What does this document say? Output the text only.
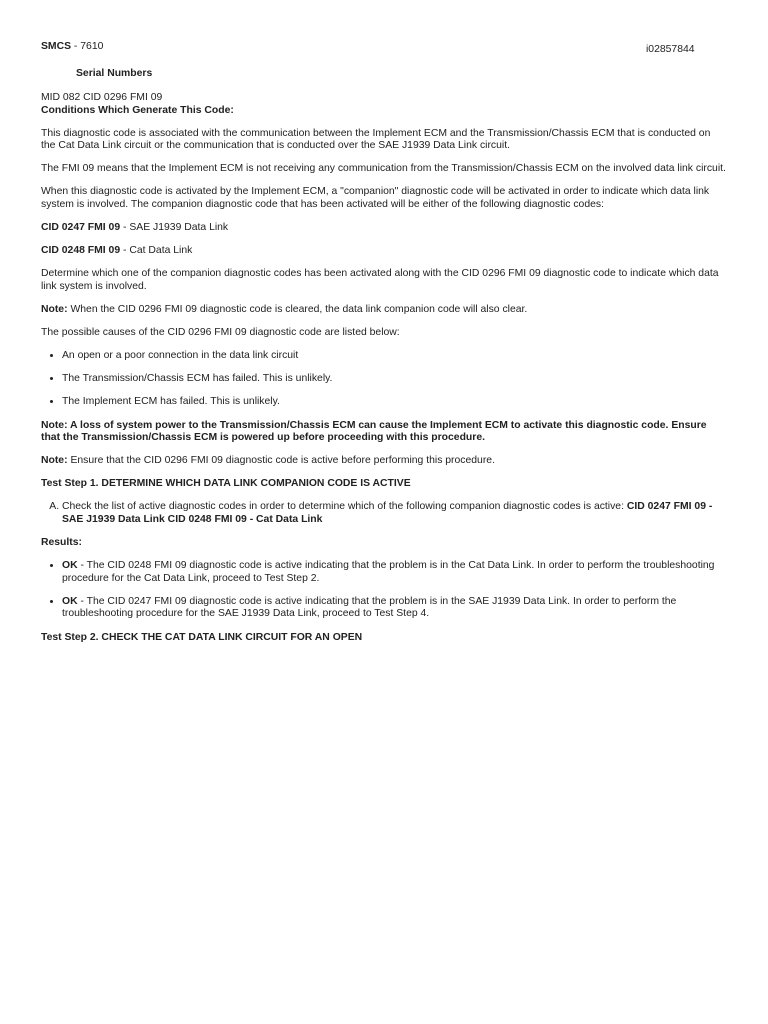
SMCS - 7610	i02857844
Serial Numbers

MID 082 CID 0296 FMI 09

Conditions Which Generate This Code:

This diagnostic code is associated with the communication between the Implement ECM and the Transmission/Chassis ECM that is conducted on the Cat Data Link circuit or the communication that is conducted over the SAE J1939 Data Link circuit.

The FMI 09 means that the Implement ECM is not receiving any communication from the Transmission/Chassis ECM on the involved data link circuit.

When this diagnostic code is activated by the Implement ECM, a "companion" diagnostic code will be activated in order to indicate which data link system is involved. The companion diagnostic code that has been activated will be either of the following diagnostic codes:

CID 0247 FMI 09 - SAE J1939 Data Link

CID 0248 FMI 09 - Cat Data Link

Determine which one of the companion diagnostic codes has been activated along with the CID 0296 FMI 09 diagnostic code to indicate which data link system is involved.

Note: When the CID 0296 FMI 09 diagnostic code is cleared, the data link companion code will also clear.

The possible causes of the CID 0296 FMI 09 diagnostic code are listed below:

• An open or a poor connection in the data link circuit
• The Transmission/Chassis ECM has failed. This is unlikely.
• The Implement ECM has failed. This is unlikely.

Note: A loss of system power to the Transmission/Chassis ECM can cause the Implement ECM to activate this diagnostic code. Ensure that the Transmission/Chassis ECM is powered up before proceeding with this procedure.

Note: Ensure that the CID 0296 FMI 09 diagnostic code is active before performing this procedure.

Test Step 1. DETERMINE WHICH DATA LINK COMPANION CODE IS ACTIVE

A. Check the list of active diagnostic codes in order to determine which of the following companion diagnostic codes is active: CID 0247 FMI 09 - SAE J1939 Data Link CID 0248 FMI 09 - Cat Data Link

Results:

• OK - The CID 0248 FMI 09 diagnostic code is active indicating that the problem is in the Cat Data Link. In order to perform the troubleshooting procedure for the Cat Data Link, proceed to Test Step 2.
• OK - The CID 0247 FMI 09 diagnostic code is active indicating that the problem is in the SAE J1939 Data Link. In order to perform the troubleshooting procedure for the SAE J1939 Data Link, proceed to Test Step 4.

Test Step 2. CHECK THE CAT DATA LINK CIRCUIT FOR AN OPEN
